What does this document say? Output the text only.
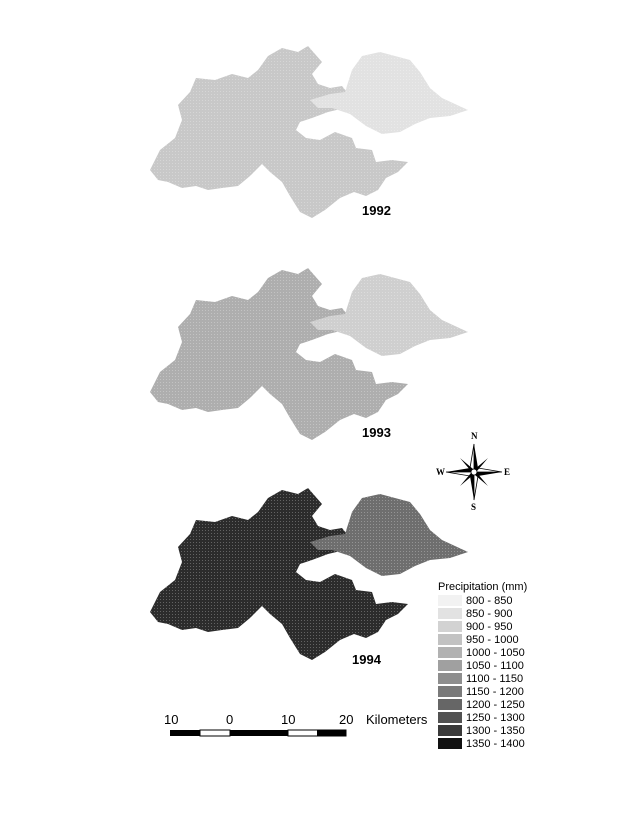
1992
1993
1994
N
S
E
W
10	0	10	20 Kilometers
Precipitation (mm)
800 - 850
850 - 900
900 - 950
950 - 1000
1000 - 1050
1050 - 1100
1100 - 1150
1150 - 1200
1200 - 1250
1250 - 1300
1300 - 1350
1350 - 1400
